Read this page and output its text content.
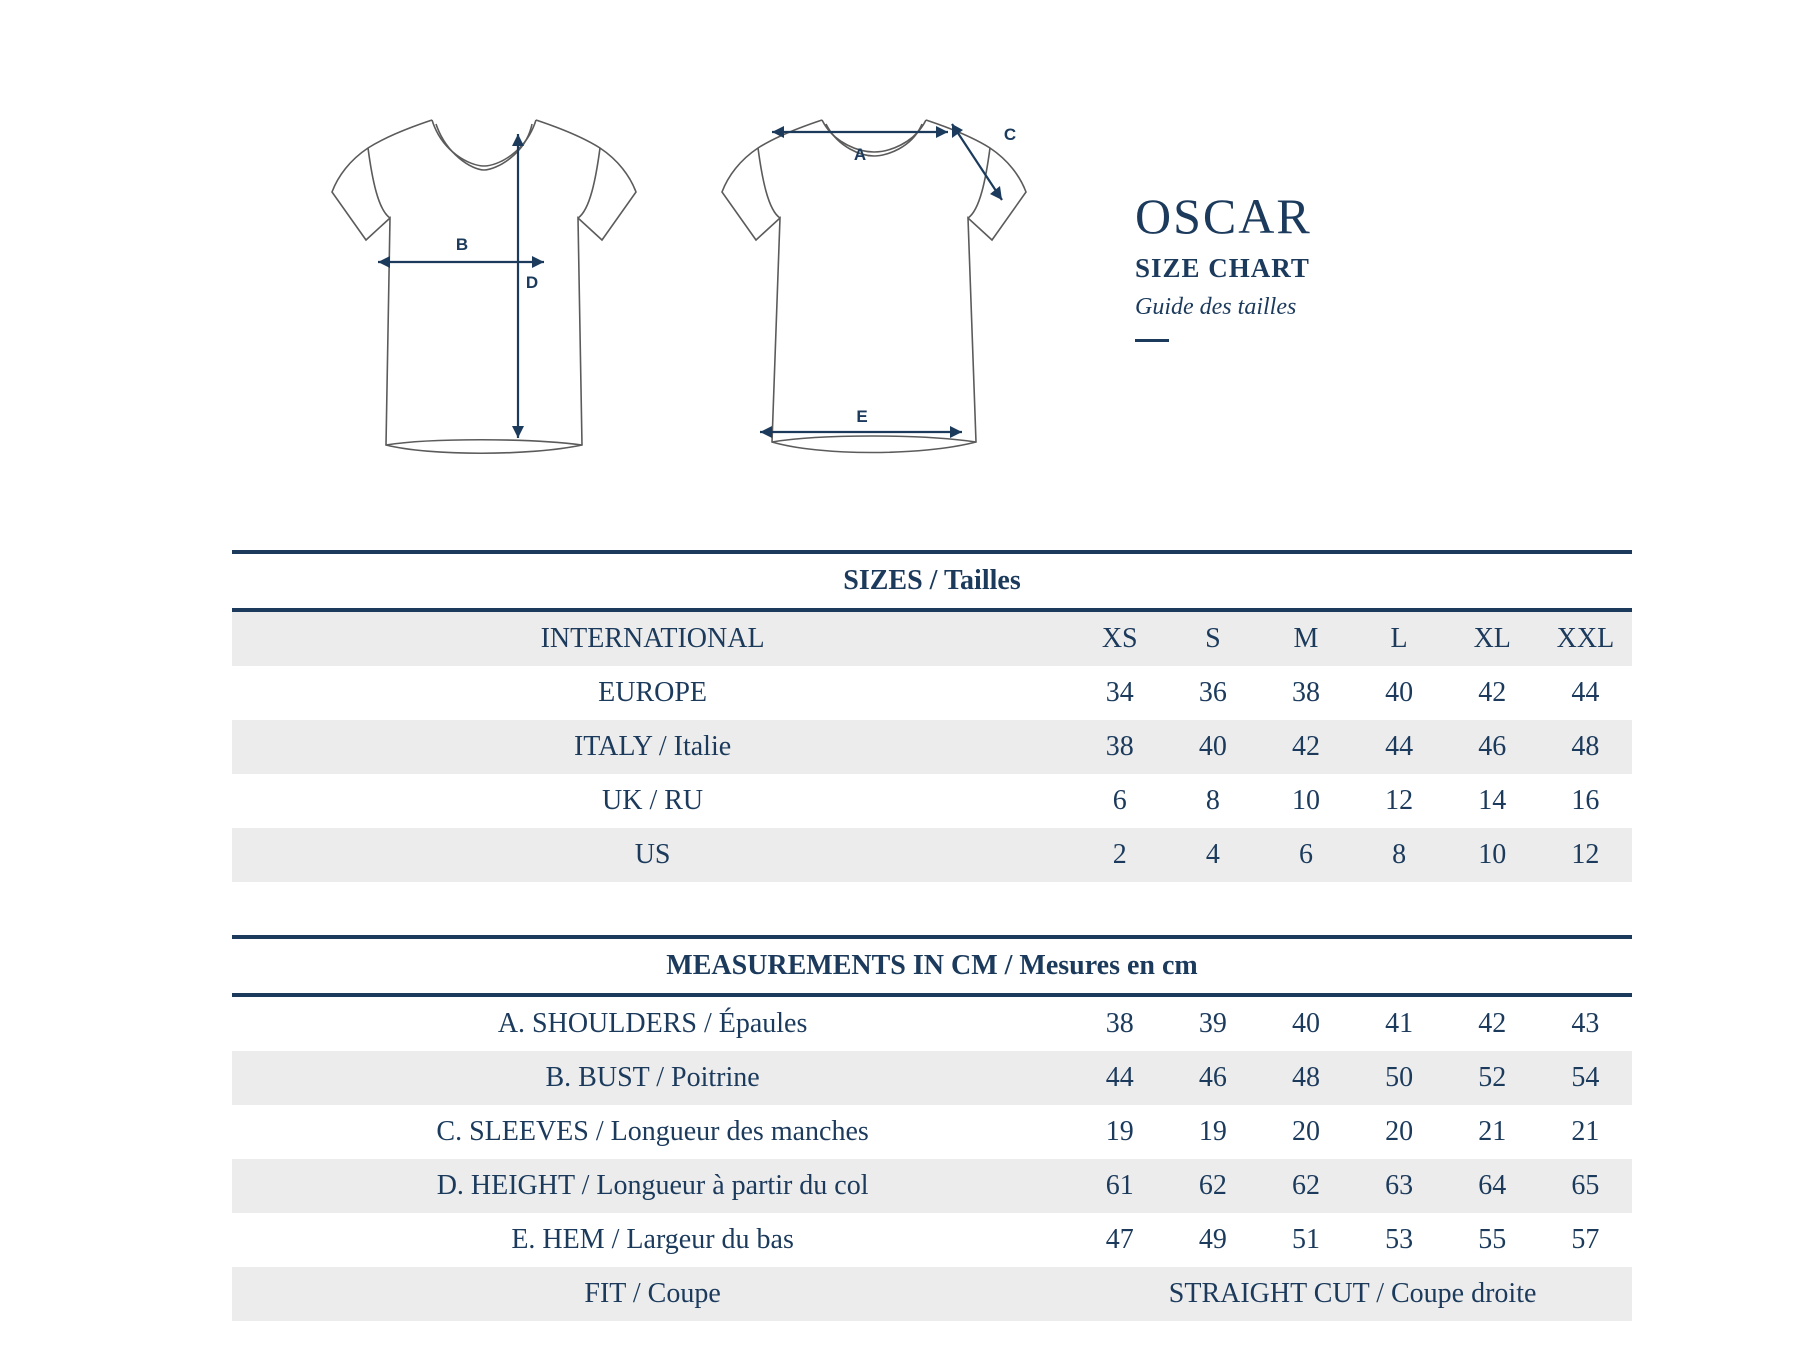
B
D
A
C
E
OSCAR
SIZE CHART
Guide des tailles
SIZES / Tailles						
INTERNATIONAL	XS	S	M	L	XL	XXL
EUROPE	34	36	38	40	42	44
ITALY / Italie	38	40	42	44	46	48
UK / RU	6	8	10	12	14	16
US	2	4	6	8	10	12
MEASUREMENTS IN CM / Mesures en cm						
A. SHOULDERS / Épaules	38	39	40	41	42	43
B. BUST / Poitrine	44	46	48	50	52	54
C. SLEEVES / Longueur des manches	19	19	20	20	21	21
D. HEIGHT / Longueur à partir du col	61	62	62	63	64	65
E. HEM / Largeur du bas	47	49	51	53	55	57
FIT / Coupe	STRAIGHT CUT / Coupe droite					
